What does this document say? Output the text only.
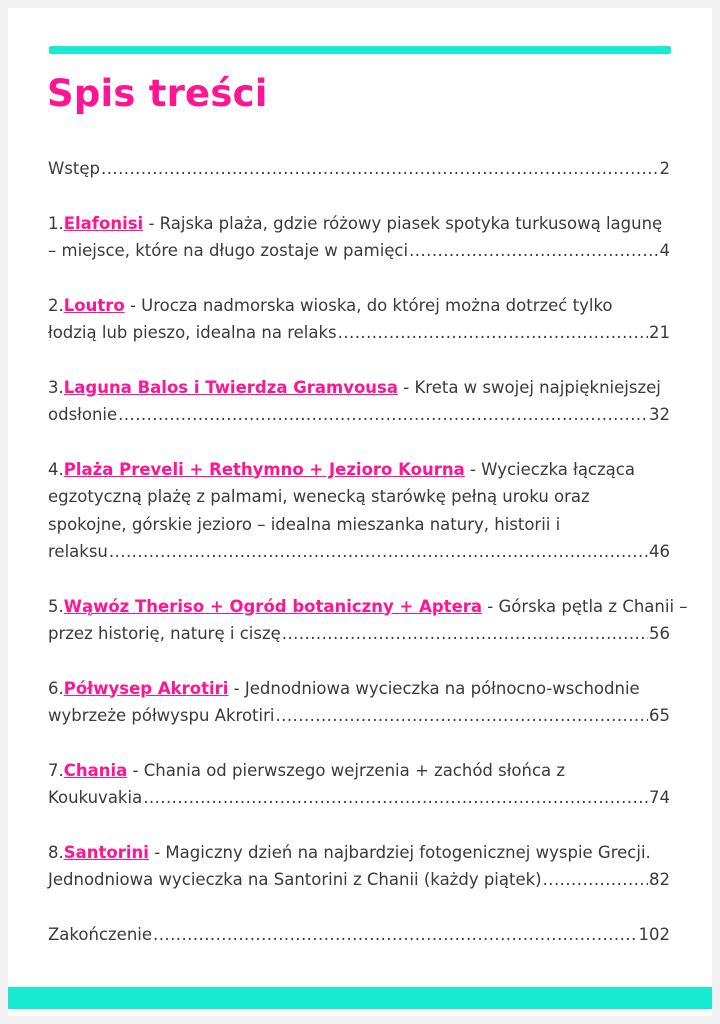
Spis treści
Wstęp . . .	2
1.Elafonisi - Rajska plaża, gdzie różowy piasek spotyka turkusową lagunę
– miejsce, które na długo zostaje w pamięci . . .	4
2.Loutro - Urocza nadmorska wioska, do której można dotrzeć tylko
łodzią lub pieszo, idealna na relaks . . .	21
3.Laguna Balos i Twierdza Gramvousa - Kreta w swojej najpiękniejszej
odsłonie . . .	32
4.Plaża Preveli + Rethymno + Jezioro Kourna - Wycieczka łącząca
egzotyczną plażę z palmami, wenecką starówkę pełną uroku oraz
spokojne, górskie jezioro – idealna mieszanka natury, historii i
relaksu . . .	46
5.Wąwóz Theriso + Ogród botaniczny + Aptera - Górska pętla z Chanii –
przez historię, naturę i ciszę . . .	56
6.Półwysep Akrotiri - Jednodniowa wycieczka na północno-wschodnie
wybrzeże półwyspu Akrotiri . . .	65
7.Chania - Chania od pierwszego wejrzenia + zachód słońca z
Koukuvakia . . .	74
8.Santorini - Magiczny dzień na najbardziej fotogenicznej wyspie Grecji.
Jednodniowa wycieczka na Santorini z Chanii (każdy piątek) . . .	82
Zakończenie . . .	102
